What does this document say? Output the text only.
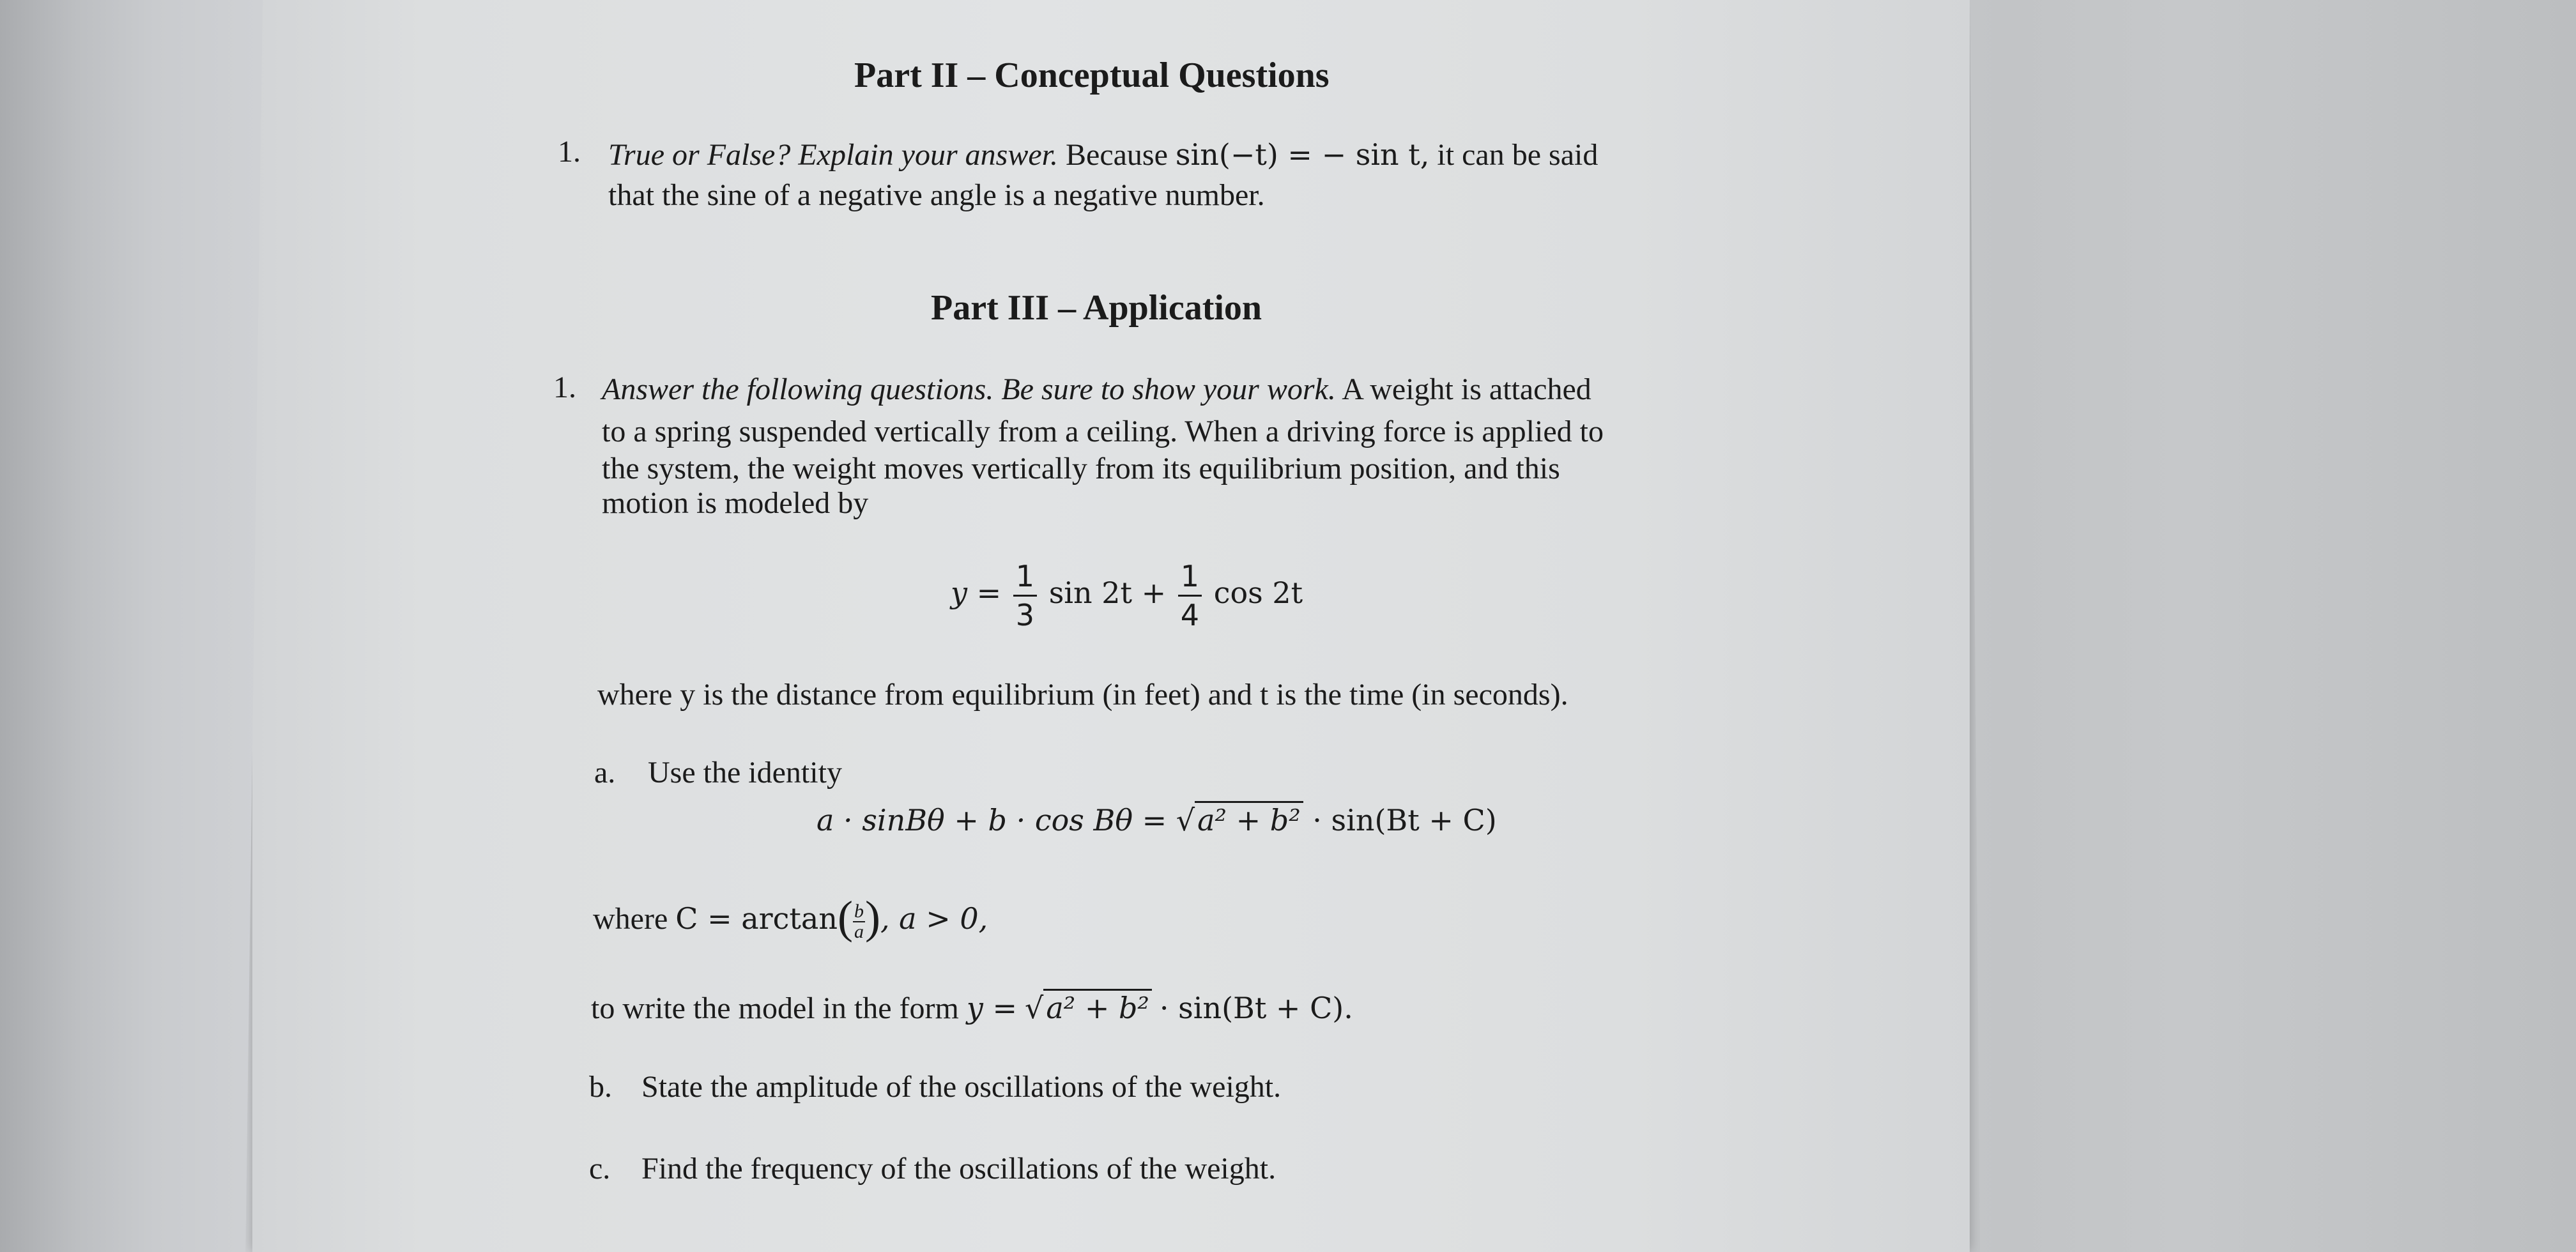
Part II – Conceptual Questions
1. True or False? Explain your answer. Because sin(−t) = − sin t, it can be said
that the sine of a negative angle is a negative number.
Part III – Application
1. Answer the following questions. Be sure to show your work. A weight is attached
to a spring suspended vertically from a ceiling. When a driving force is applied to
the system, the weight moves vertically from its equilibrium position, and this
motion is modeled by
$y = \frac{1}{3}$ $\sin 2t + \frac{1}{4}$ cos 2t
where y is the distance from equilibrium (in feet) and t is the time (in seconds).
a. Use the identity
a · sinBθ + b · cos Bθ = √a² + b² · sin(Bt + C)
where $C = \arctan( \frac{b}{a}$ ), a > 0,
to write the model in the form y = √a² + b² · sin(Bt + C).
b. State the amplitude of the oscillations of the weight.
c. Find the frequency of the oscillations of the weight.
